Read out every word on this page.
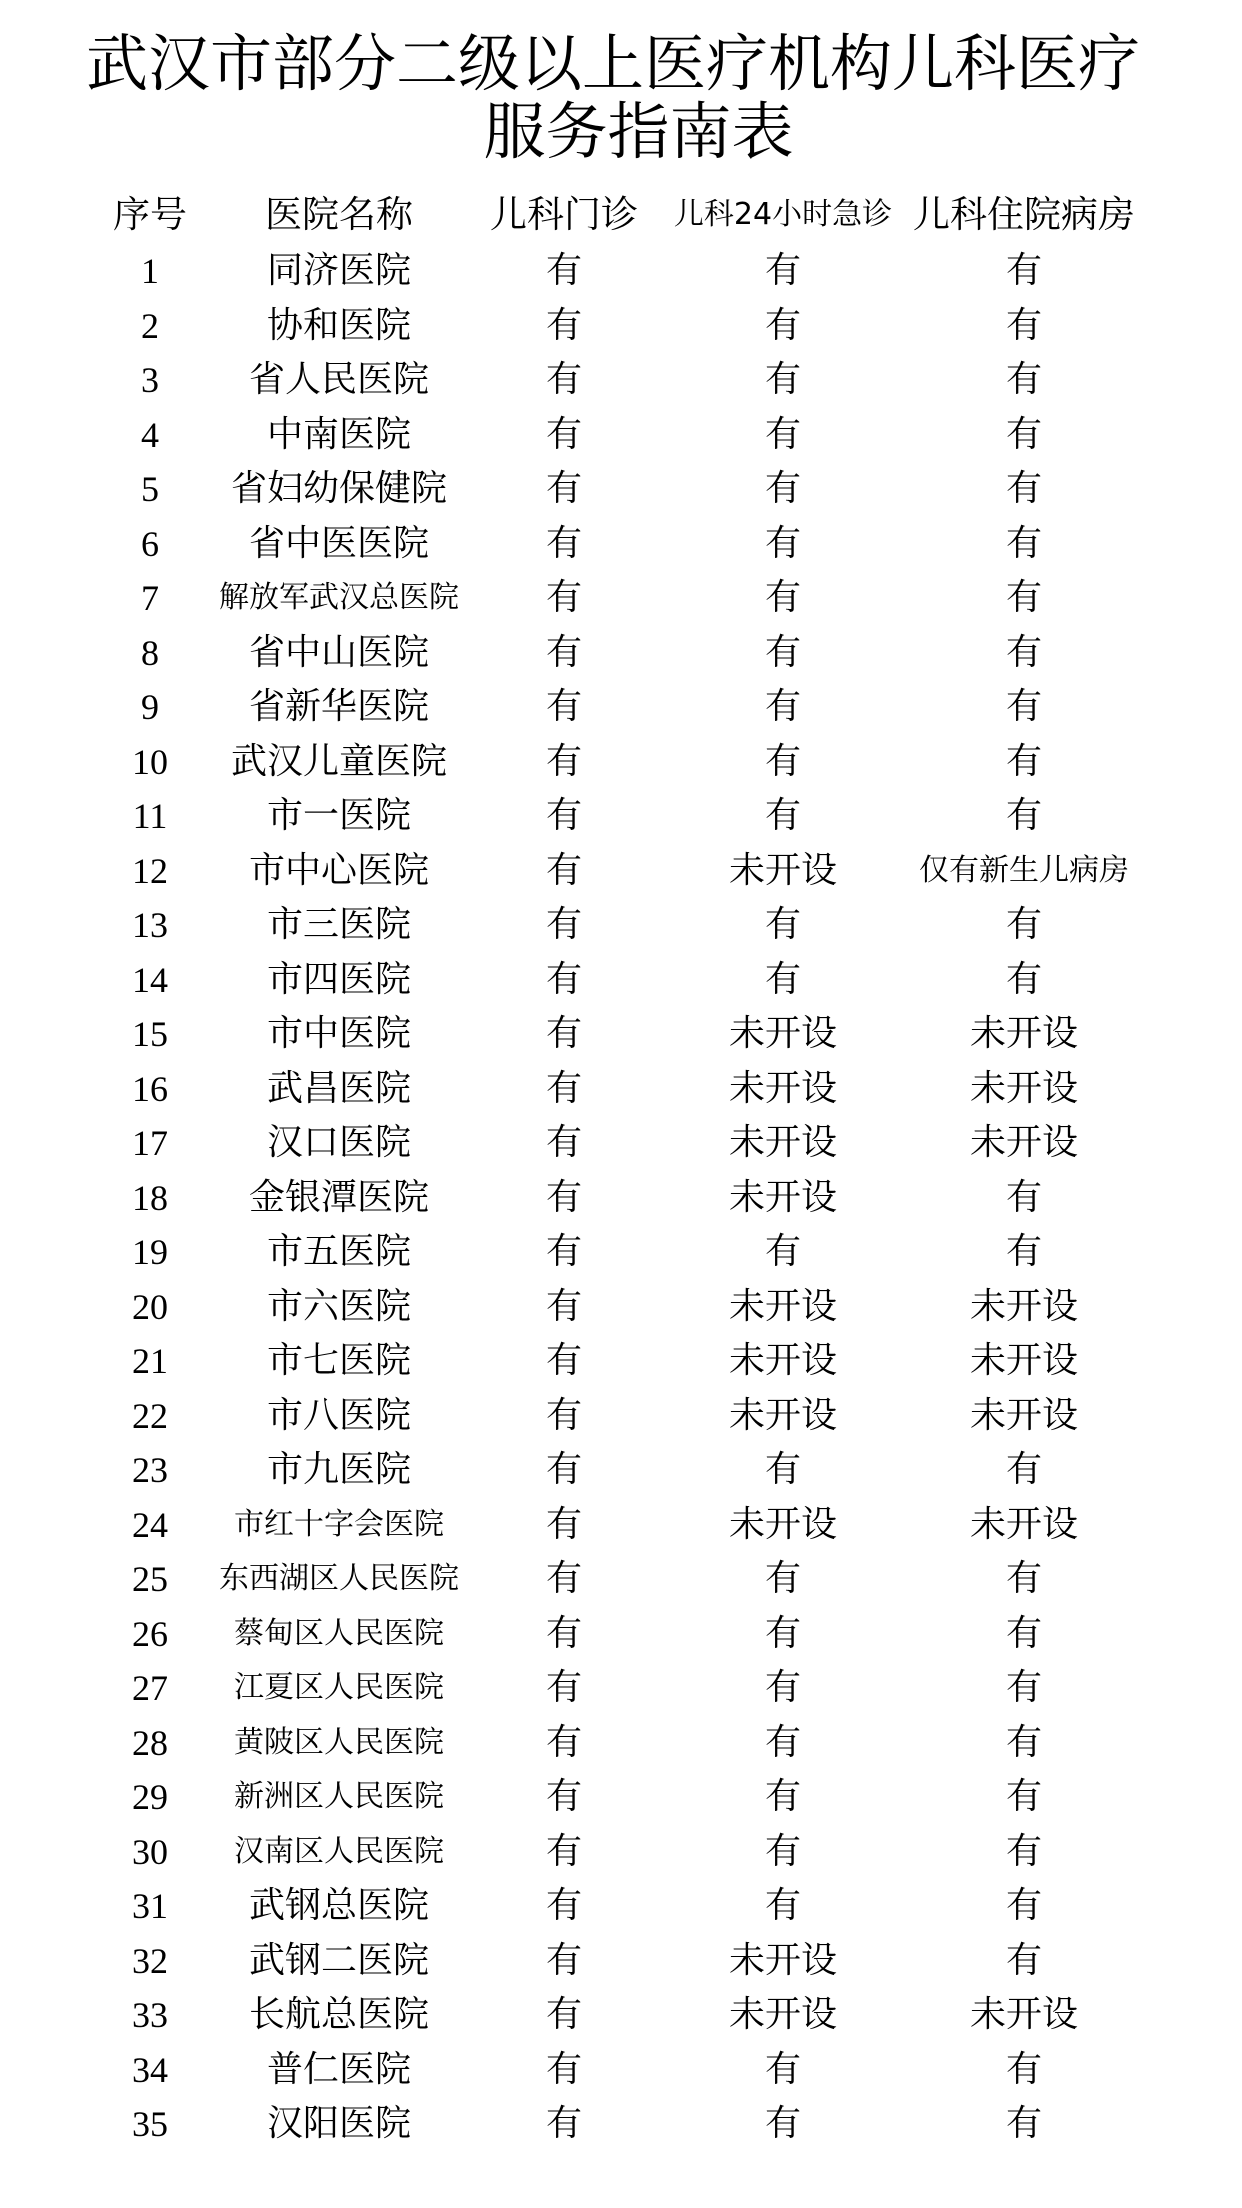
武汉市部分二级以上医疗机构儿科医疗
服务指南表
序号	医院名称	儿科门诊	儿科24小时急诊	儿科住院病房
1	同济医院	有	有	有
2	协和医院	有	有	有
3	省人民医院	有	有	有
4	中南医院	有	有	有
5	省妇幼保健院	有	有	有
6	省中医医院	有	有	有
7	解放军武汉总医院	有	有	有
8	省中山医院	有	有	有
9	省新华医院	有	有	有
10	武汉儿童医院	有	有	有
11	市一医院	有	有	有
12	市中心医院	有	未开设	仅有新生儿病房
13	市三医院	有	有	有
14	市四医院	有	有	有
15	市中医院	有	未开设	未开设
16	武昌医院	有	未开设	未开设
17	汉口医院	有	未开设	未开设
18	金银潭医院	有	未开设	有
19	市五医院	有	有	有
20	市六医院	有	未开设	未开设
21	市七医院	有	未开设	未开设
22	市八医院	有	未开设	未开设
23	市九医院	有	有	有
24	市红十字会医院	有	未开设	未开设
25	东西湖区人民医院	有	有	有
26	蔡甸区人民医院	有	有	有
27	江夏区人民医院	有	有	有
28	黄陂区人民医院	有	有	有
29	新洲区人民医院	有	有	有
30	汉南区人民医院	有	有	有
31	武钢总医院	有	有	有
32	武钢二医院	有	未开设	有
33	长航总医院	有	未开设	未开设
34	普仁医院	有	有	有
35	汉阳医院	有	有	有
